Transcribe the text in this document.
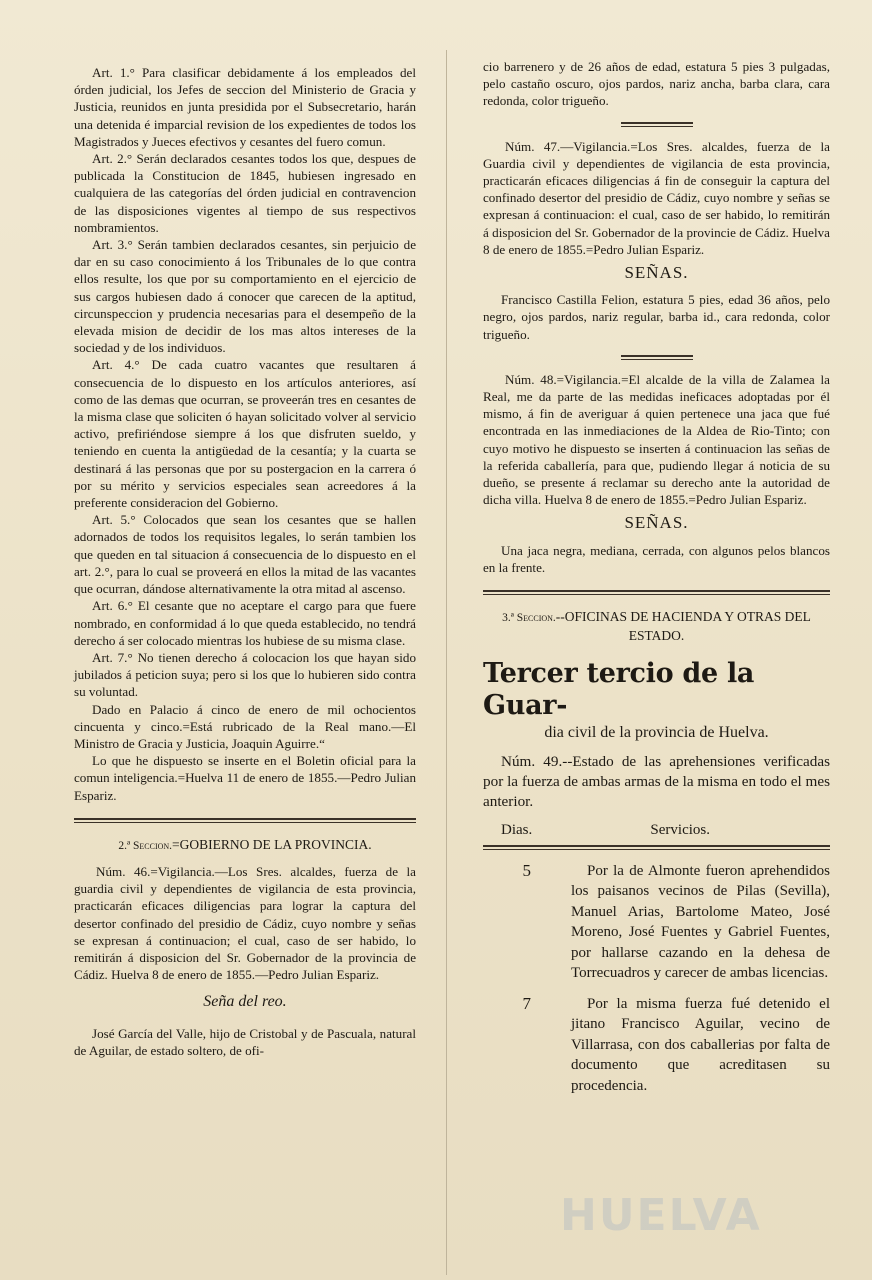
Art. 1.° Para clasificar debidamente á los empleados del órden judicial, los Jefes de seccion del Ministerio de Gracia y Justicia, reunidos en junta presidida por el Subsecretario, harán una detenida é imparcial revision de los expedientes de todos los Magistrados y Jueces efectivos y cesantes del fuero comun.

Art. 2.° Serán declarados cesantes todos los que, despues de publicada la Constitucion de 1845, hubiesen ingresado en cualquiera de las categorías del órden judicial en contravencion de las disposiciones vigentes al tiempo de sus respectivos nombramientos.

Art. 3.° Serán tambien declarados cesantes, sin perjuicio de dar en su caso conocimiento á los Tribunales de lo que contra ellos resulte, los que por su comportamiento en el ejercicio de sus cargos hubiesen dado á conocer que carecen de la aptitud, circunspeccion y prudencia necesarias para el desempeño de la elevada mision de decidir de los mas altos intereses de la sociedad y de los individuos.

Art. 4.° De cada cuatro vacantes que resultaren á consecuencia de lo dispuesto en los artículos anteriores, así como de las demas que ocurran, se proveerán tres en cesantes de la misma clase que soliciten ó hayan solicitado volver al servicio activo, prefiriéndose siempre á los que disfruten sueldo, y teniendo en cuenta la antigüedad de la cesantía; y la cuarta se destinará á las personas que por su postergacion en la carrera ó por su mérito y servicios especiales sean acreedores á la preferente consideracion del Gobierno.

Art. 5.° Colocados que sean los cesantes que se hallen adornados de todos los requisitos legales, lo serán tambien los que queden en tal situacion á consecuencia de lo dispuesto en el art. 2.°, para lo cual se proveerá en ellos la mitad de las vacantes que ocurran, dándose alternativamente la otra mitad al ascenso.

Art. 6.° El cesante que no aceptare el cargo para que fuere nombrado, en conformidad á lo que queda establecido, no tendrá derecho á ser colocado mientras los hubiese de su misma clase.

Art. 7.° No tienen derecho á colocacion los que hayan sido jubilados á peticion suya; pero si los que lo hubieren sido contra su voluntad.

Dado en Palacio á cinco de enero de mil ochocientos cincuenta y cinco.=Está rubricado de la Real mano.—El Ministro de Gracia y Justicia, Joaquin Aguirre.“

Lo que he dispuesto se inserte en el Boletin oficial para la comun inteligencia.=Huelva 11 de enero de 1855.—Pedro Julian Espariz.

2.ª Seccion.=GOBIERNO DE LA PROVINCIA.

Núm. 46.=Vigilancia.—Los Sres. alcaldes, fuerza de la guardia civil y dependientes de vigilancia de esta provincia, practicarán eficaces diligencias para lograr la captura del desertor confinado del presidio de Cádiz, cuyo nombre y señas se expresan á continuacion; el cual, caso de ser habido, lo remitirán á disposicion del Sr. Gobernador de la provincia de Cádiz. Huelva 8 de enero de 1855.—Pedro Julian Espariz.

Seña del reo.

José García del Valle, hijo de Cristobal y de Pascuala, natural de Aguilar, de estado soltero, de ofi-

cio barrenero y de 26 años de edad, estatura 5 pies 3 pulgadas, pelo castaño oscuro, ojos pardos, nariz ancha, barba clara, cara redonda, color trigueño.

Núm. 47.—Vigilancia.=Los Sres. alcaldes, fuerza de la Guardia civil y dependientes de vigilancia de esta provincia, practicarán eficaces diligencias á fin de conseguir la captura del confinado desertor del presidio de Cádiz, cuyo nombre y señas se expresan á continuacion: el cual, caso de ser habido, lo remitirán á disposicion del Sr. Gobernador de la provincie de Cádiz. Huelva 8 de enero de 1855.=Pedro Julian Espariz.

SEÑAS.

Francisco Castilla Felion, estatura 5 pies, edad 36 años, pelo negro, ojos pardos, nariz regular, barba id., cara redonda, color trigueño.

Núm. 48.=Vigilancia.=El alcalde de la villa de Zalamea la Real, me da parte de las medidas ineficaces adoptadas por él mismo, á fin de averiguar á quien pertenece una jaca que fué encontrada en las inmediaciones de la Aldea de Rio-Tinto; con cuyo motivo he dispuesto se inserten á continuacion las señas de la referida caballería, para que, pudiendo llegar á noticia de su dueño, se presente á reclamar su derecho ante la autoridad de dicha villa. Huelva 8 de enero de 1855.=Pedro Julian Espariz.

SEÑAS.

Una jaca negra, mediana, cerrada, con algunos pelos blancos en la frente.

3.ª Seccion.--OFICINAS DE HACIENDA Y OTRAS DEL ESTADO.
Tercer tercio de la Guar-
dia civil de la provincia de Huelva.

Núm. 49.--Estado de las aprehensiones verificadas por la fuerza de ambas armas de la misma en todo el mes anterior.

Dias.	Servicios.
5	Por la de Almonte fueron aprehendidos los paisanos vecinos de Pilas (Sevilla), Manuel Arias, Bartolome Mateo, José Moreno, José Fuentes y Gabriel Fuentes, por hallarse cazando en la dehesa de Torrecuadros y carecer de ambas licencias.
7	Por la misma fuerza fué detenido el jitano Francisco Aguilar, vecino de Villarrasa, con dos caballerias por falta de documento que acreditasen su procedencia.
HUELVA
